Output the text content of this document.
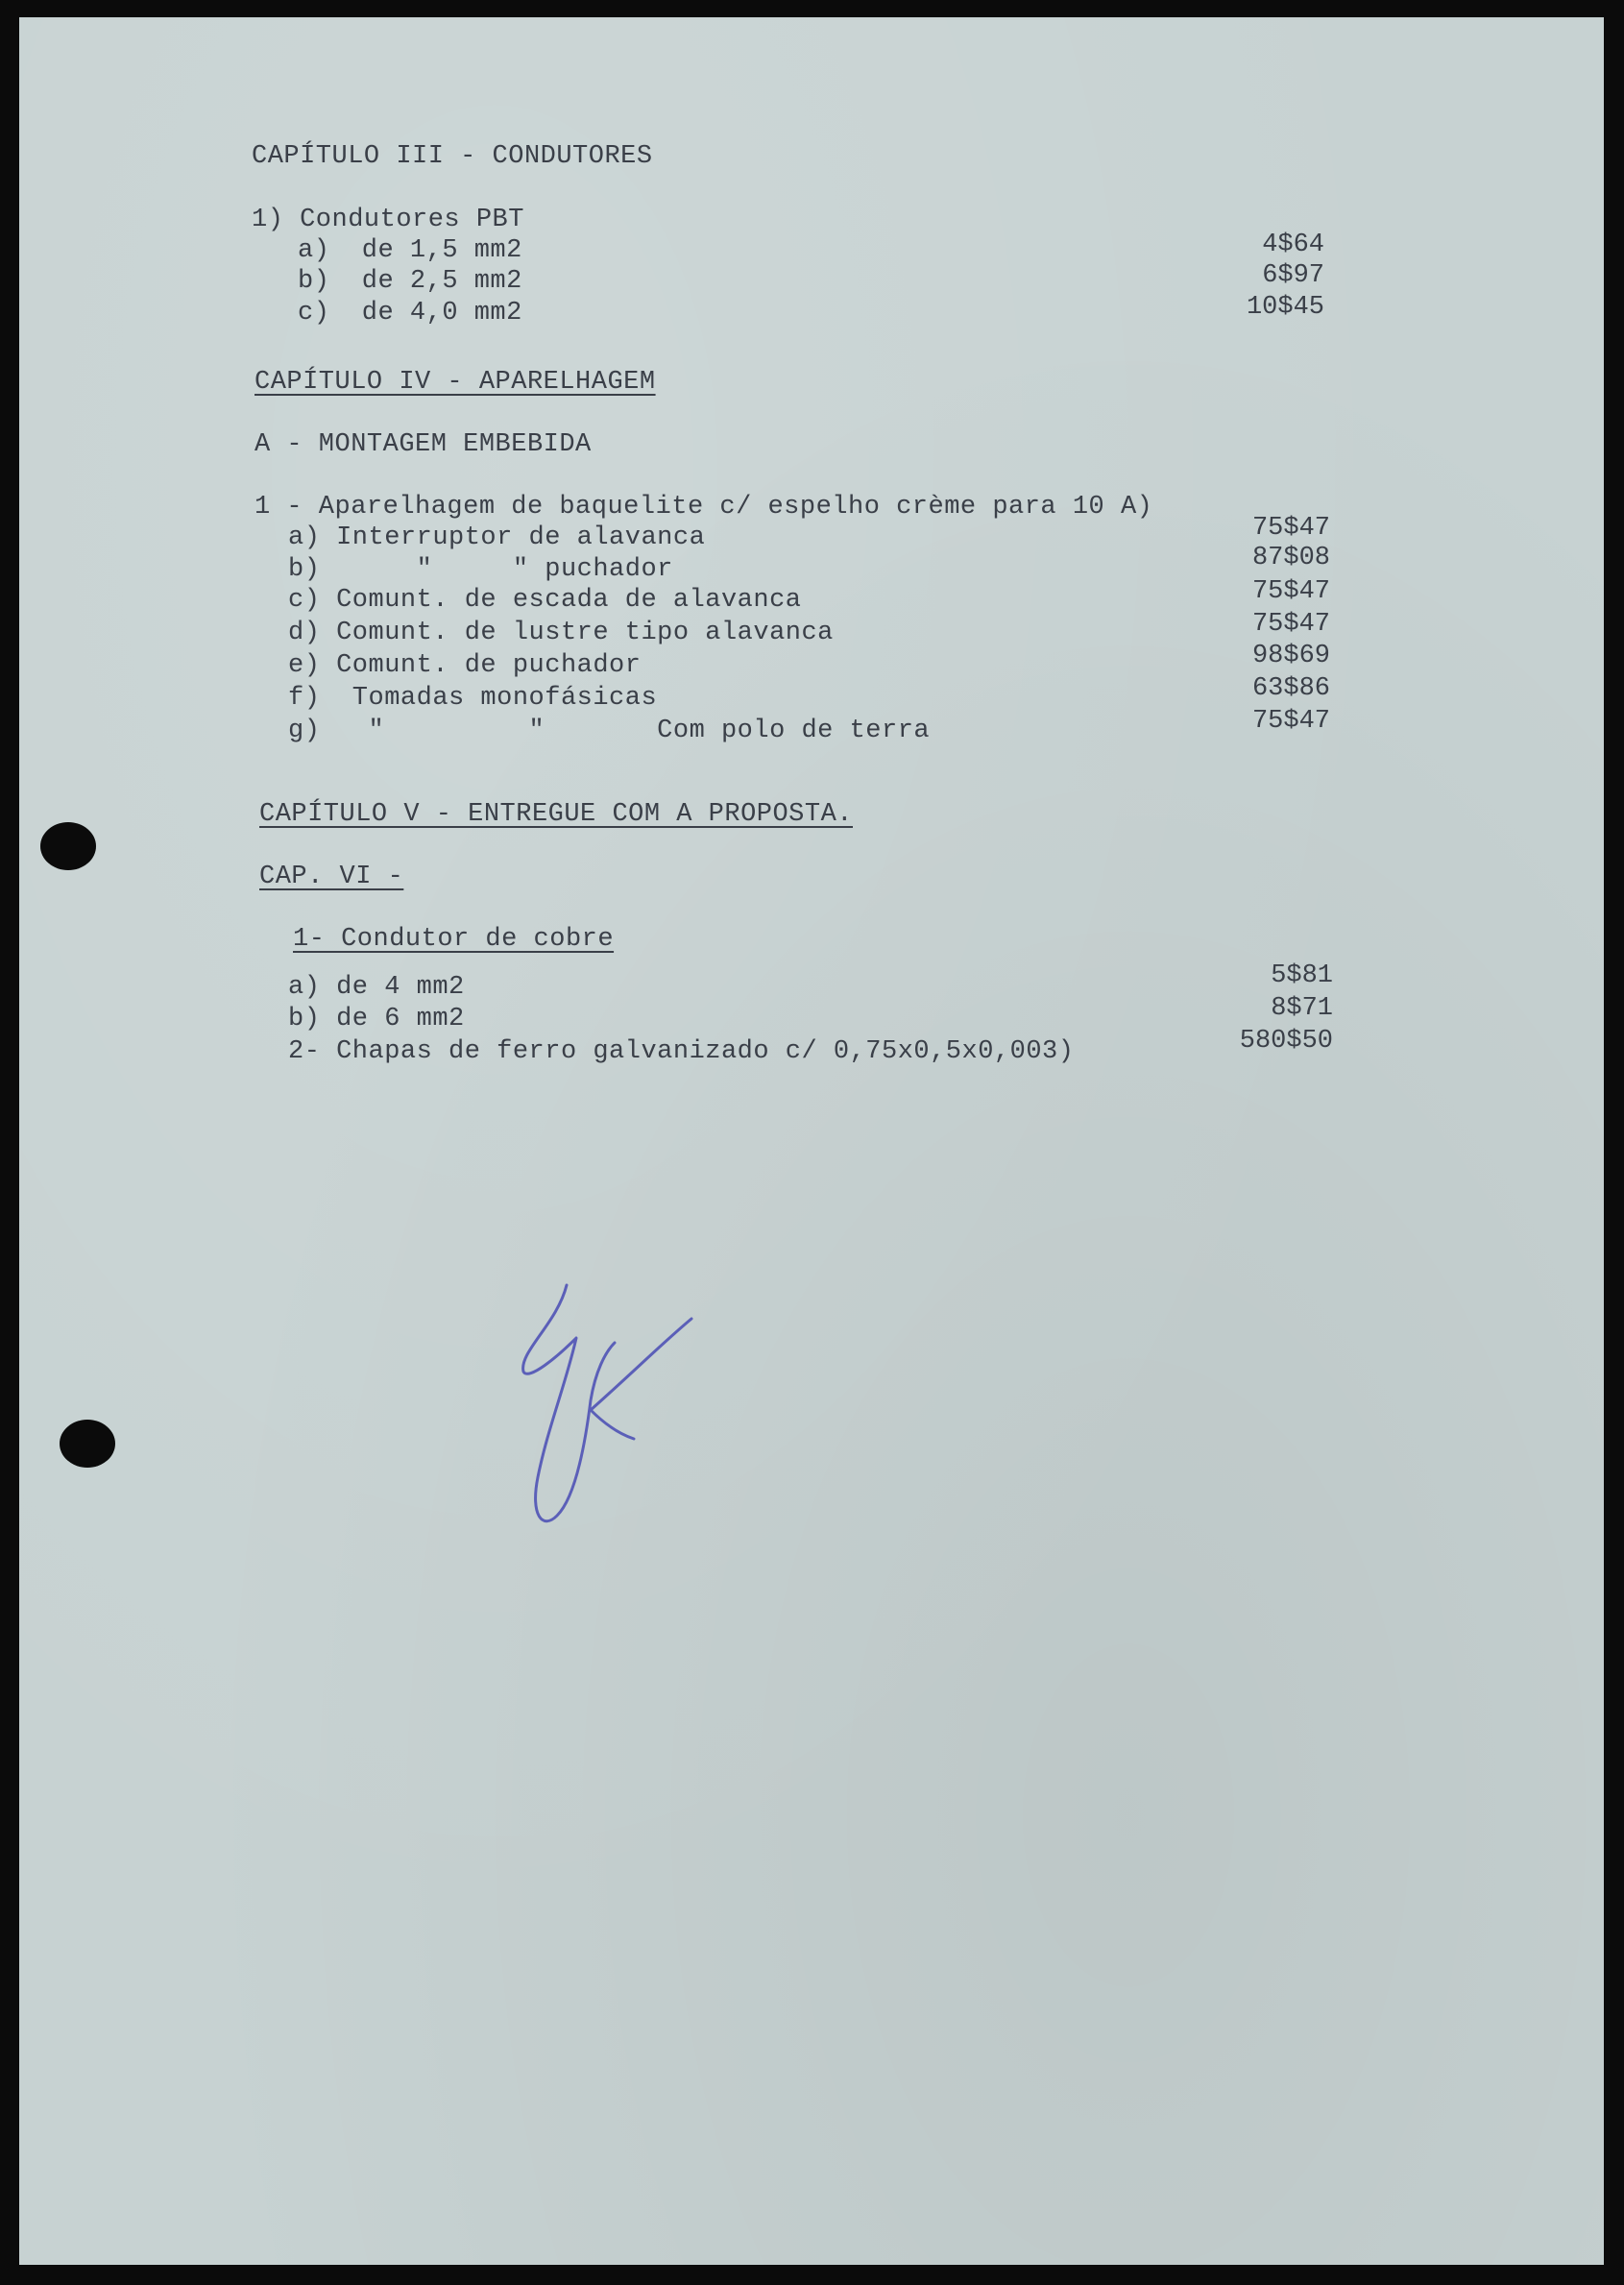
CAPÍTULO III - CONDUTORES
1) Condutores PBT
a)  de 1,5 mm2	4$64
b)  de 2,5 mm2	6$97
c)  de 4,0 mm2	10$45
CAPÍTULO IV - APARELHAGEM
A - MONTAGEM EMBEBIDA
1 - Aparelhagem de baquelite c/ espelho crème para 10 A)
a) Interruptor de alavanca	75$47
b)      "     " puchador	87$08
c) Comunt. de escada de alavanca	75$47
d) Comunt. de lustre tipo alavanca	75$47
e) Comunt. de puchador	98$69
f)  Tomadas monofásicas	63$86
g)   "         "       Com polo de terra	75$47
CAPÍTULO V - ENTREGUE COM A PROPOSTA.
CAP. VI -
1- Condutor de cobre
a) de 4 mm2	5$81
b) de 6 mm2	8$71
2- Chapas de ferro galvanizado c/ 0,75x0,5x0,003)	580$50
